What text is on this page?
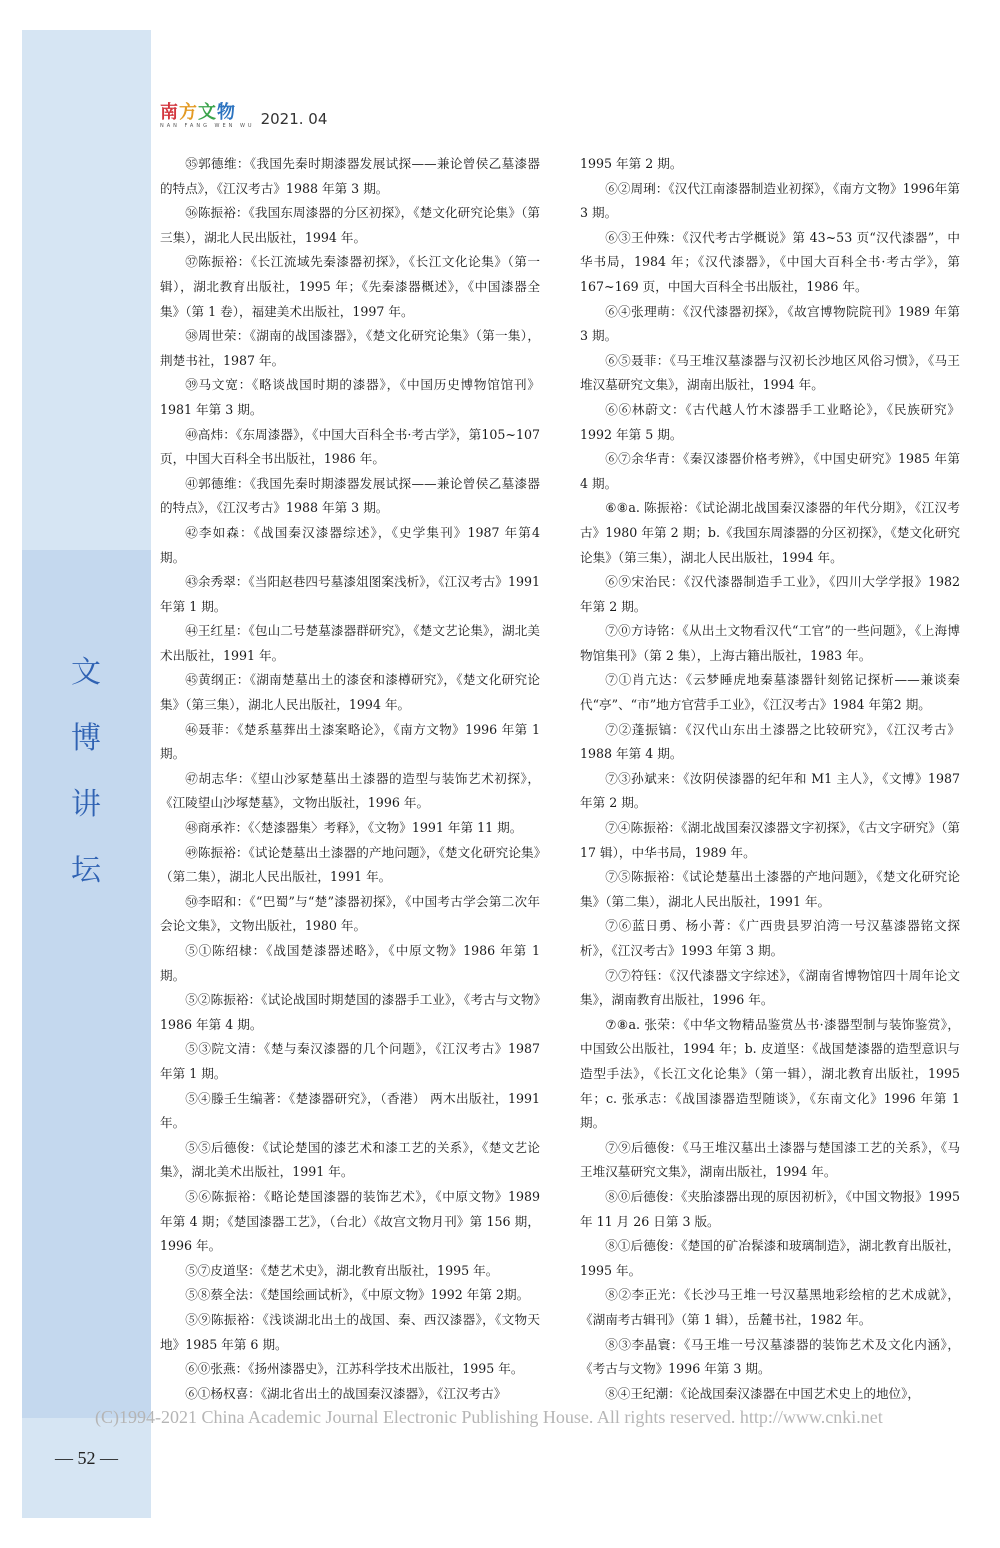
文
博
讲
坛
南方文物
NAN FANG WEN WU 2021. 04
㉟郭德维：《我国先秦时期漆器发展试探——兼论曾侯乙墓漆器的特点》，《江汉考古》1988 年第 3 期。
㊱陈振裕：《我国东周漆器的分区初探》，《楚文化研究论集》（第三集），湖北人民出版社，1994 年。
㊲陈振裕：《长江流域先秦漆器初探》，《长江文化论集》（第一辑），湖北教育出版社，1995 年；《先秦漆器概述》，《中国漆器全集》（第 1 卷），福建美术出版社，1997 年。
㊳周世荣：《湖南的战国漆器》，《楚文化研究论集》（第一集），荆楚书社，1987 年。
㊴马文宽：《略谈战国时期的漆器》，《中国历史博物馆馆刊》1981 年第 3 期。
㊵高炜：《东周漆器》，《中国大百科全书·考古学》，第105~107 页，中国大百科全书出版社，1986 年。
㊶郭德维：《我国先秦时期漆器发展试探——兼论曾侯乙墓漆器的特点》，《江汉考古》1988 年第 3 期。
㊷李如森：《战国秦汉漆器综述》，《史学集刊》1987 年第4 期。
㊸余秀翠：《当阳赵巷四号墓漆俎图案浅析》，《江汉考古》1991 年第 1 期。
㊹王红星：《包山二号楚墓漆器群研究》，《楚文艺论集》，湖北美术出版社，1991 年。
㊺黄纲正：《湖南楚墓出土的漆奁和漆樽研究》，《楚文化研究论集》（第三集），湖北人民出版社，1994 年。
㊻聂菲：《楚系墓葬出土漆案略论》，《南方文物》1996 年第 1 期。
㊼胡志华：《望山沙冢楚墓出土漆器的造型与装饰艺术初探》，《江陵望山沙塚楚墓》，文物出版社，1996 年。
㊽商承祚：《〈楚漆器集〉考释》，《文物》1991 年第 11 期。
㊾陈振裕：《试论楚墓出土漆器的产地问题》，《楚文化研究论集》（第二集），湖北人民出版社，1991 年。
㊿李昭和：《“巴蜀”与“楚”漆器初探》，《中国考古学会第二次年会论文集》，文物出版社，1980 年。
⑤①陈绍棣：《战国楚漆器述略》，《中原文物》1986 年第 1期。
⑤②陈振裕：《试论战国时期楚国的漆器手工业》，《考古与文物》1986 年第 4 期。
⑤③院文清：《楚与秦汉漆器的几个问题》，《江汉考古》1987 年第 1 期。
⑤④滕壬生编著：《楚漆器研究》，（香港） 两木出版社，1991 年。
⑤⑤后德俊：《试论楚国的漆艺术和漆工艺的关系》，《楚文艺论集》，湖北美术出版社，1991 年。
⑤⑥陈振裕：《略论楚国漆器的装饰艺术》，《中原文物》1989 年第 4 期；《楚国漆器工艺》，（台北）《故宫文物月刊》第 156 期，1996 年。
⑤⑦皮道坚：《楚艺术史》，湖北教育出版社，1995 年。
⑤⑧蔡全法：《楚国绘画试析》，《中原文物》1992 年第 2期。
⑤⑨陈振裕：《浅谈湖北出土的战国、秦、西汉漆器》，《文物天地》1985 年第 6 期。
⑥⓪张燕：《扬州漆器史》，江苏科学技术出版社，1995 年。
⑥①杨权喜：《湖北省出土的战国秦汉漆器》，《江汉考古》
1995 年第 2 期。
⑥②周琍：《汉代江南漆器制造业初探》，《南方文物》1996年第 3 期。
⑥③王仲殊：《汉代考古学概说》第 43~53 页“汉代漆器”，中华书局，1984 年；《汉代漆器》，《中国大百科全书·考古学》，第 167~169 页，中国大百科全书出版社，1986 年。
⑥④张理萌：《汉代漆器初探》，《故宫博物院院刊》1989 年第 3 期。
⑥⑤聂菲：《马王堆汉墓漆器与汉初长沙地区风俗习惯》，《马王堆汉墓研究文集》，湖南出版社，1994 年。
⑥⑥林蔚文：《古代越人竹木漆器手工业略论》，《民族研究》1992 年第 5 期。
⑥⑦余华青：《秦汉漆器价格考辨》，《中国史研究》1985 年第 4 期。
⑥⑧a. 陈振裕：《试论湖北战国秦汉漆器的年代分期》，《江汉考古》1980 年第 2 期；b.《我国东周漆器的分区初探》，《楚文化研究论集》（第三集），湖北人民出版社，1994 年。
⑥⑨宋治民：《汉代漆器制造手工业》，《四川大学学报》1982 年第 2 期。
⑦⓪方诗铭：《从出土文物看汉代“工官”的一些问题》，《上海博物馆集刊》（第 2 集），上海古籍出版社，1983 年。
⑦①肖亢达：《云梦睡虎地秦墓漆器针刻铭记探析——兼谈秦代“亭”、“市”地方官营手工业》，《江汉考古》1984 年第2 期。
⑦②蓬振镐：《汉代山东出土漆器之比较研究》，《江汉考古》1988 年第 4 期。
⑦③孙斌来：《汝阴侯漆器的纪年和 M1 主人》，《文博》1987 年第 2 期。
⑦④陈振裕：《湖北战国秦汉漆器文字初探》，《古文字研究》（第 17 辑），中华书局，1989 年。
⑦⑤陈振裕：《试论楚墓出土漆器的产地问题》，《楚文化研究论集》（第二集），湖北人民出版社，1991 年。
⑦⑥蓝日勇、杨小菁：《广西贵县罗泊湾一号汉墓漆器铭文探析》，《江汉考古》1993 年第 3 期。
⑦⑦符钰：《汉代漆器文字综述》，《湖南省博物馆四十周年论文集》，湖南教育出版社，1996 年。
⑦⑧a. 张荣：《中华文物精品鉴赏丛书·漆器型制与装饰鉴赏》，中国致公出版社，1994 年；b. 皮道坚：《战国楚漆器的造型意识与造型手法》，《长江文化论集》（第一辑），湖北教育出版社，1995 年；c. 张承志：《战国漆器造型随谈》，《东南文化》1996 年第 1 期。
⑦⑨后德俊：《马王堆汉墓出土漆器与楚国漆工艺的关系》，《马王堆汉墓研究文集》，湖南出版社，1994 年。
⑧⓪后德俊：《夹胎漆器出现的原因初析》，《中国文物报》1995 年 11 月 26 日第 3 版。
⑧①后德俊：《楚国的矿冶髹漆和玻璃制造》，湖北教育出版社，1995 年。
⑧②李正光：《长沙马王堆一号汉墓黑地彩绘棺的艺术成就》，《湖南考古辑刊》（第 1 辑），岳麓书社，1982 年。
⑧③李晶寰：《马王堆一号汉墓漆器的装饰艺术及文化内涵》，《考古与文物》1996 年第 3 期。
⑧④王纪潮：《论战国秦汉漆器在中国艺术史上的地位》，
(C)1994-2021 China Academic Journal Electronic Publishing House. All rights reserved. http://www.cnki.net
— 52 —
